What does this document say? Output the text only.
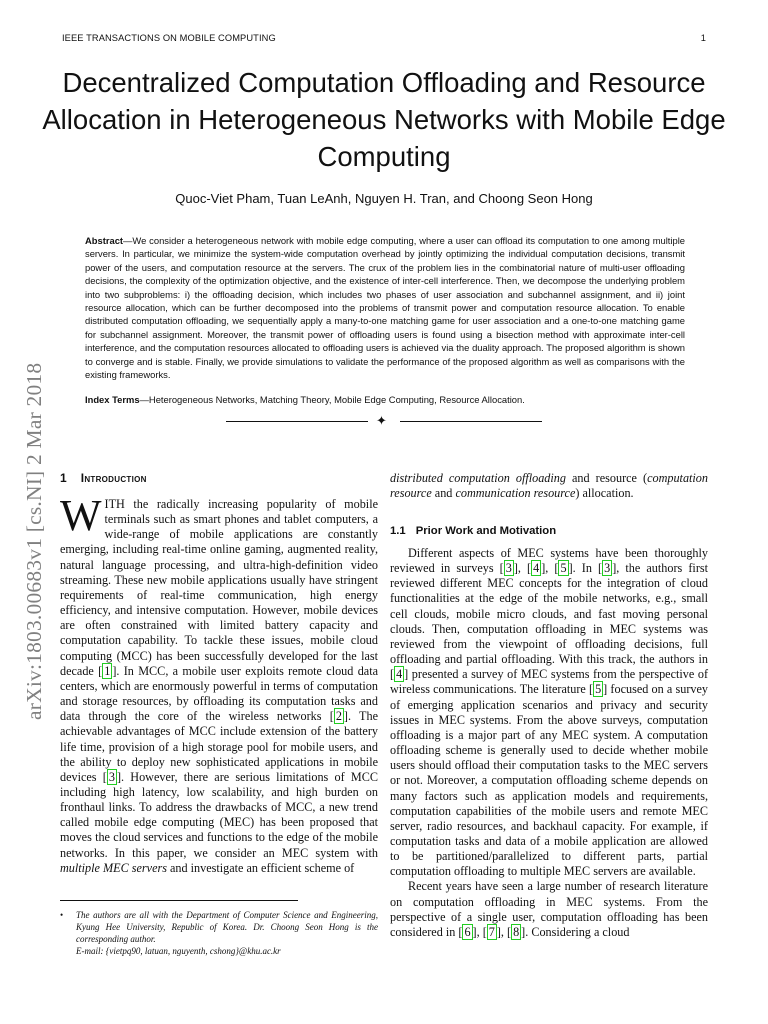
IEEE TRANSACTIONS ON MOBILE COMPUTING	1
Decentralized Computation Offloading and Resource Allocation in Heterogeneous Networks with Mobile Edge Computing
Quoc-Viet Pham, Tuan LeAnh, Nguyen H. Tran, and Choong Seon Hong
Abstract—We consider a heterogeneous network with mobile edge computing, where a user can offload its computation to one among multiple servers. In particular, we minimize the system-wide computation overhead by jointly optimizing the individual computation decisions, transmit power of the users, and computation resource at the servers. The crux of the problem lies in the combinatorial nature of multi-user offloading decisions, the complexity of the optimization objective, and the existence of inter-cell interference. Then, we decompose the underlying problem into two subproblems: i) the offloading decision, which includes two phases of user association and subchannel assignment, and ii) joint resource allocation, which can be further decomposed into the problems of transmit power and computation resource allocation. To enable distributed computation offloading, we sequentially apply a many-to-one matching game for user association and a one-to-one matching game for subchannel assignment. Moreover, the transmit power of offloading users is found using a bisection method with approximate inter-cell interference, and the computation resources allocated to offloading users is achieved via the duality approach. The proposed algorithm is shown to converge and is stable. Finally, we provide simulations to validate the performance of the proposed algorithm as well as comparisons with the existing frameworks.
Index Terms—Heterogeneous Networks, Matching Theory, Mobile Edge Computing, Resource Allocation.
✦
arXiv:1803.00683v1 [cs.NI] 2 Mar 2018 1 Introduction
WITH the radically increasing popularity of mobile terminals such as smart phones and tablet computers, a wide-range of mobile applications are constantly emerging, including real-time online gaming, augmented reality, natural language processing, and ultra-high-definition video streaming. These new mobile applications usually have stringent requirements of real-time communication, high energy efficiency, and intensive computation. However, mobile devices are often constrained with limited battery capacity and computation capability. To tackle these issues, mobile cloud computing (MCC) has been successfully developed for the last decade [ 1 ]. In MCC, a mobile user exploits remote cloud data centers, which are enormously powerful in terms of computation and storage resources, by offloading its computation tasks and data through the core of the wireless networks [ 2 ]. The achievable advantages of MCC include extension of the battery life time, provision of a high storage pool for mobile users, and the ability to deploy new sophisticated applications in mobile devices [ 3 ]. However, there are serious limitations of MCC including high latency, low scalability, and high burden on fronthaul links. To address the drawbacks of MCC, a new trend called mobile edge computing (MEC) has been proposed that moves the cloud services and functions to the edge of the mobile networks. In this paper, we consider an MEC system with multiple MEC servers and investigate an efficient scheme of
distributed computation offloading and resource (computation resource and communication resource) allocation.
1.1 Prior Work and Motivation

Different aspects of MEC systems have been thoroughly reviewed in surveys [ 3 ], [ 4 ], [ 5 ]. In [ 3 ], the authors first reviewed different MEC concepts for the integration of cloud functionalities at the edge of the mobile networks, e.g., small cell clouds, mobile micro clouds, and fast moving personal clouds. Then, computation offloading in MEC systems was reviewed from the viewpoint of offloading decisions, full offloading and partial offloading. With this track, the authors in [ 4 ] presented a survey of MEC systems from the perspective of wireless communications. The literature [ 5 ] focused on a survey of emerging application scenarios and privacy and security issues in MEC systems. From the above surveys, computation offloading is a major part of any MEC system. A computation offloading scheme is generally used to decide whether mobile users should offload their computation tasks to the MEC servers or not. Moreover, a computation offloading scheme depends on many factors such as application models and requirements, computation capabilities of the mobile users and remote MEC server, radio resources, and backhaul capacity. For example, if computation tasks and data of a mobile application are allowed to be partitioned/parallelized to different parts, partial computation offloading to multiple MEC servers are available.

Recent years have seen a large number of research literature on computation offloading in MEC systems. From the perspective of a single user, computation offloading has been considered in [ 6 ], [ 7 ], [ 8 ]. Considering a cloud

• The authors are all with the Department of Computer Science and Engineering, Kyung Hee University, Republic of Korea. Dr. Choong Seon Hong is the corresponding author.
E-mail: {vietpq90, latuan, nguyenth, cshong}@khu.ac.kr
